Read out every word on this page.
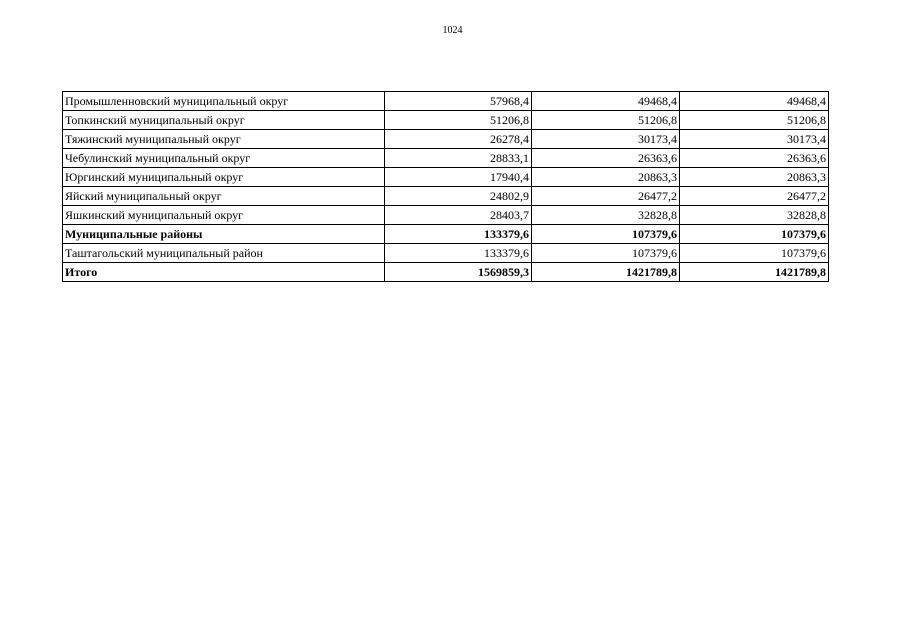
1024
Промышленновский муниципальный округ	57968,4	49468,4	49468,4
Топкинский муниципальный округ	51206,8	51206,8	51206,8
Тяжинский муниципальный округ	26278,4	30173,4	30173,4
Чебулинский муниципальный округ	28833,1	26363,6	26363,6
Юргинский муниципальный округ	17940,4	20863,3	20863,3
Яйский муниципальный округ	24802,9	26477,2	26477,2
Яшкинский муниципальный округ	28403,7	32828,8	32828,8
Муниципальные районы	133379,6	107379,6	107379,6
Таштагольский муниципальный район	133379,6	107379,6	107379,6
Итого	1569859,3	1421789,8	1421789,8
